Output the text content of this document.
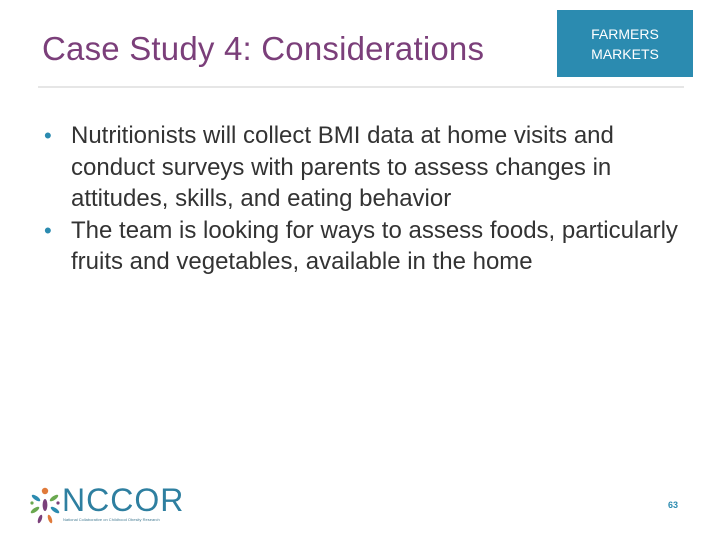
Case Study 4: Considerations	FARMERS
MARKETS
• Nutritionists will collect BMI data at home visits and conduct surveys with parents to assess changes in attitudes, skills, and eating behavior
• The team is looking for ways to assess foods, particularly fruits and vegetables, available in the home
NCCOR
National Collaborative on Childhood Obesity Research
63
